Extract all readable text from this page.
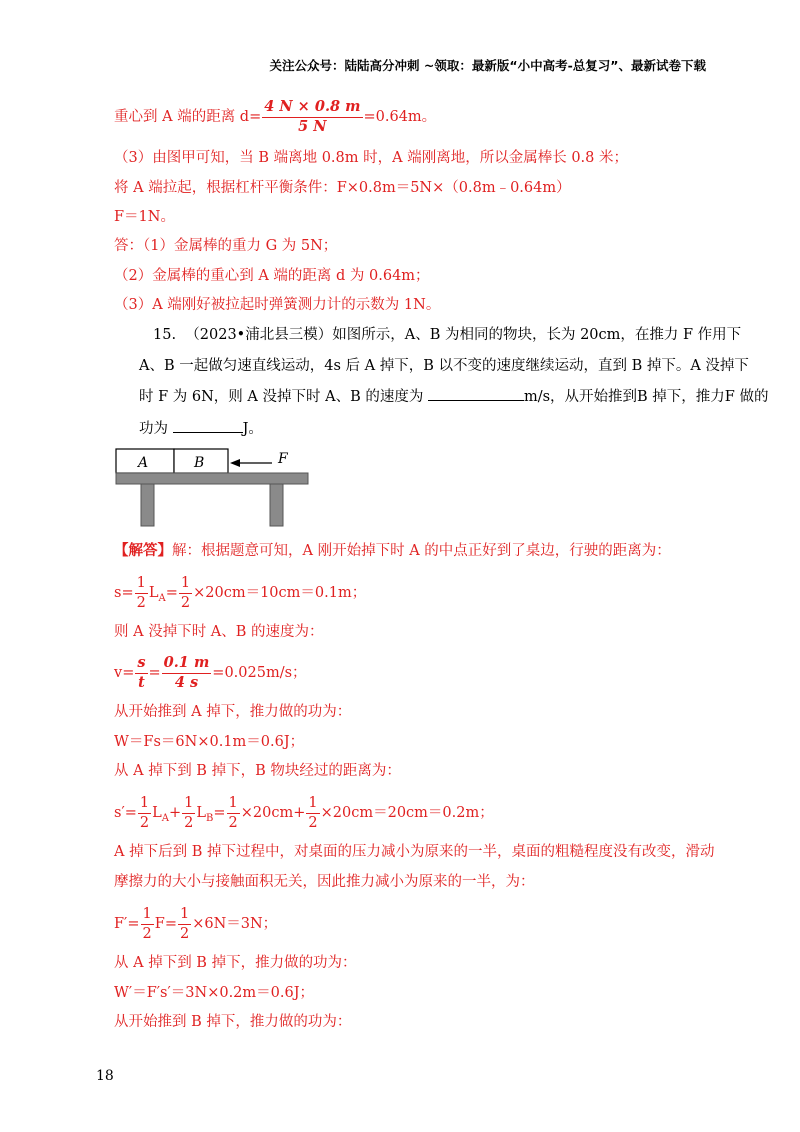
关注公众号：陆陆高分冲刺 ~领取：最新版“小中高考-总复习”、最新试卷下载
重心到 A 端的距离 $d= \frac{4 N \times 0.8 m}{5 N} =0.64m$。
（3）由图甲可知，当 B 端离地 0.8m 时，A 端刚离地，所以金属棒长 0.8 米；
将 A 端拉起，根据杠杆平衡条件：F×0.8m＝5N×（0.8m﹣0.64m）
F＝1N。
答：（1）金属棒的重力 G 为 5N；
（2）金属棒的重心到 A 端的距离 d 为 0.64m；
（3）A 端刚好被拉起时弹簧测力计的示数为 1N。
15. （2023•浦北县三模）如图所示，A、B 为相同的物块，长为 20cm，在推力 F 作用下
A、B 一起做匀速直线运动，4s 后 A 掉下，B 以不变的速度继续运动，直到 B 掉下。A 没掉下
时 F 为 6N，则 A 没掉下时 A、B 的速度为	m/s，从开始推到B 掉下，推力F 做的
功为	J。
A	B	F
【解答】解：根据题意可知，A 刚开始掉下时 A 的中点正好到了桌边，行驶的距离为：
$s= \frac{1}{2} L_A= \frac{1}{2} \times 20cm=10cm=0.1m$；
则 A 没掉下时 A、B 的速度为：
$v= \frac{s}{t} = \frac{0.1 m}{4 s} =0.025m/s$；
从开始推到 A 掉下，推力做的功为：
W＝Fs＝6N×0.1m＝0.6J；
从 A 掉下到 B 掉下，B 物块经过的距离为：
$s'= \frac{1}{2} L_A+ \frac{1}{2} L_B= \frac{1}{2} \times 20cm+ \frac{1}{2} \times 20cm=20cm=0.2m$；
A 掉下后到 B 掉下过程中，对桌面的压力减小为原来的一半，桌面的粗糙程度没有改变，滑动
摩擦力的大小与接触面积无关，因此推力减小为原来的一半，为：
$F'= \frac{1}{2} F= \frac{1}{2} \times 6N=3N$；
从 A 掉下到 B 掉下，推力做的功为：
W′＝F′s′＝3N×0.2m＝0.6J；
从开始推到 B 掉下，推力做的功为：
18
